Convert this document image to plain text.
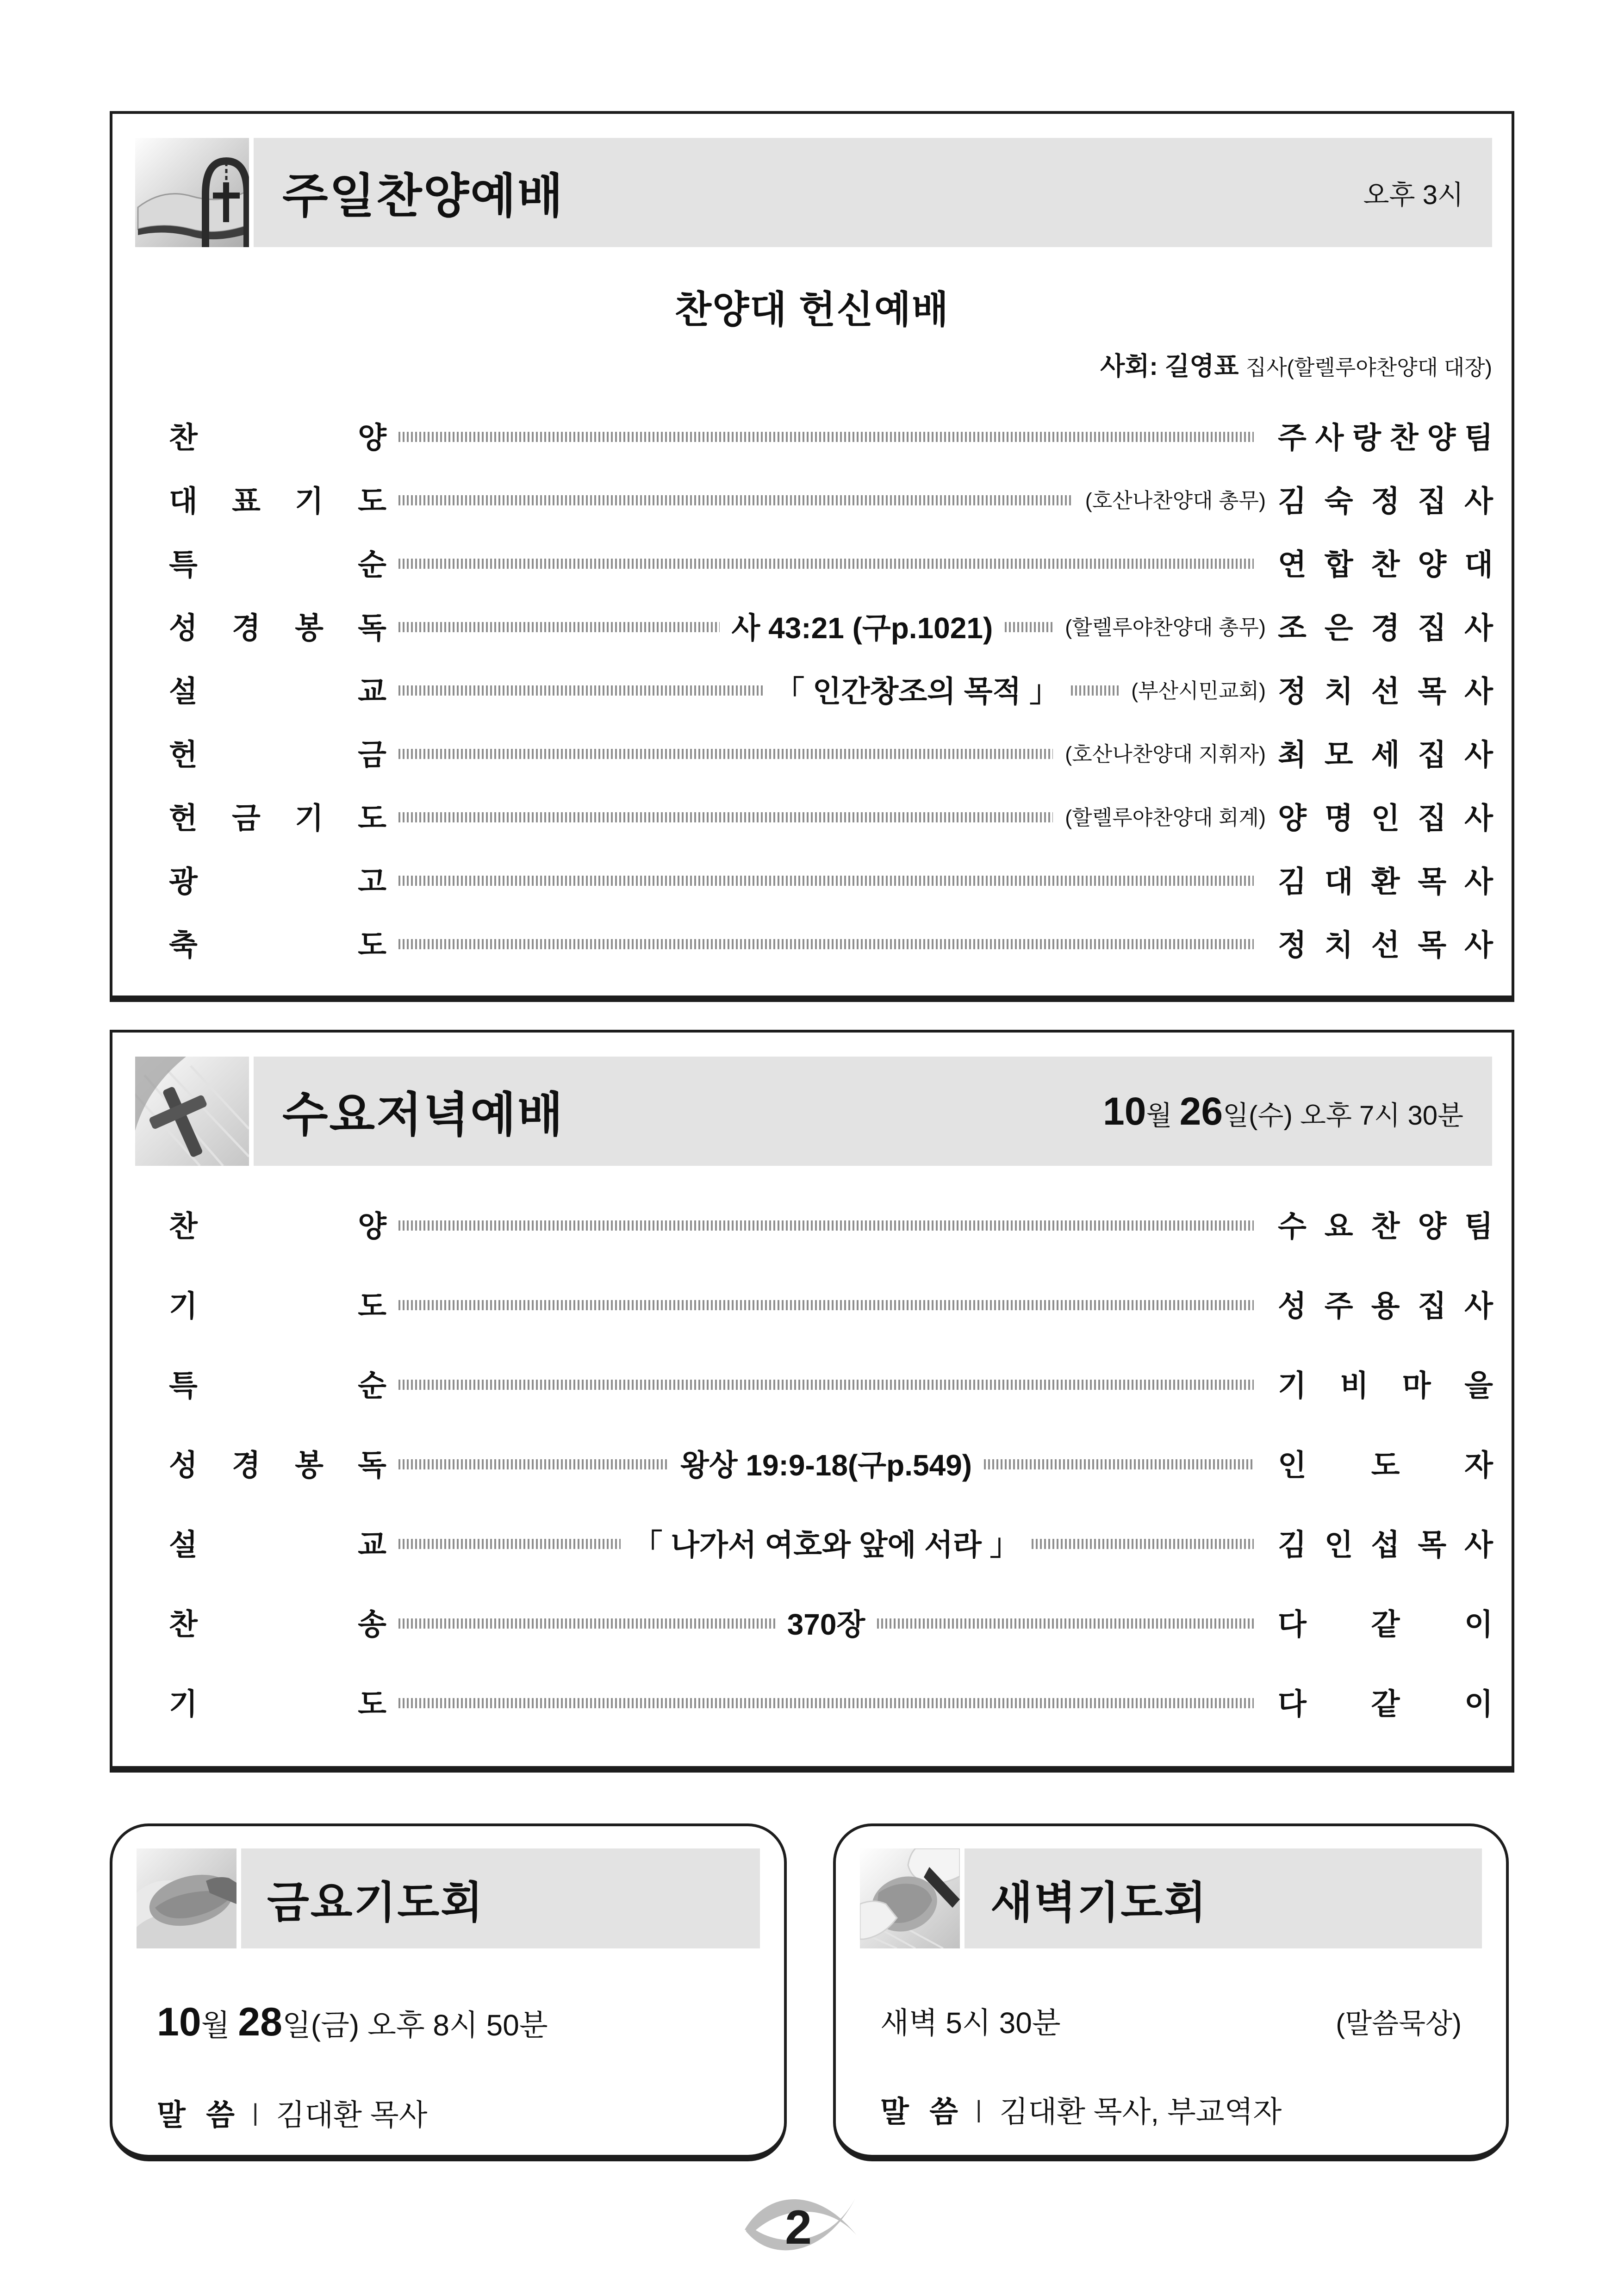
주일찬양예배	오후 3시
찬양대 헌신예배
사회: 길영표 집사(할렐루야찬양대 대장)
찬	양	주 사 랑 찬 양 팀
대 표 기 도	(호산나찬양대 총무) 김 숙 정 집 사
특	순	연 합 찬 양 대
성 경 봉 독	사 43:21 (구p.1021)	(할렐루야찬양대 총무) 조 은 경 집 사
설	교	「 인간창조의 목적 」	(부산시민교회) 정 치 선 목 사
헌	금	(호산나찬양대 지휘자) 최 모 세 집 사
헌 금 기 도	(할렐루야찬양대 회계) 양 명 인 집 사
광	고	김 대 환 목 사
축	도	정 치 선 목 사
수요저녁예배	10월 26일(수) 오후 7시 30분
찬	양	수 요 찬 양 팀
기	도	성 주 용 집 사
특	순	기 비 마 을
성 경 봉 독	왕상 19:9-18(구p.549)	인 도 자
설	교	「 나가서 여호와 앞에 서라 」	김 인 섭 목 사
찬	송	370장	다 같 이
기	도	다 같 이
금요기도회
10월 28일(금) 오후 8시 50분
말 씀 | 김대환 목사
새벽기도회
새벽 5시 30분	(말씀묵상)
말 씀 | 김대환 목사, 부교역자
2
